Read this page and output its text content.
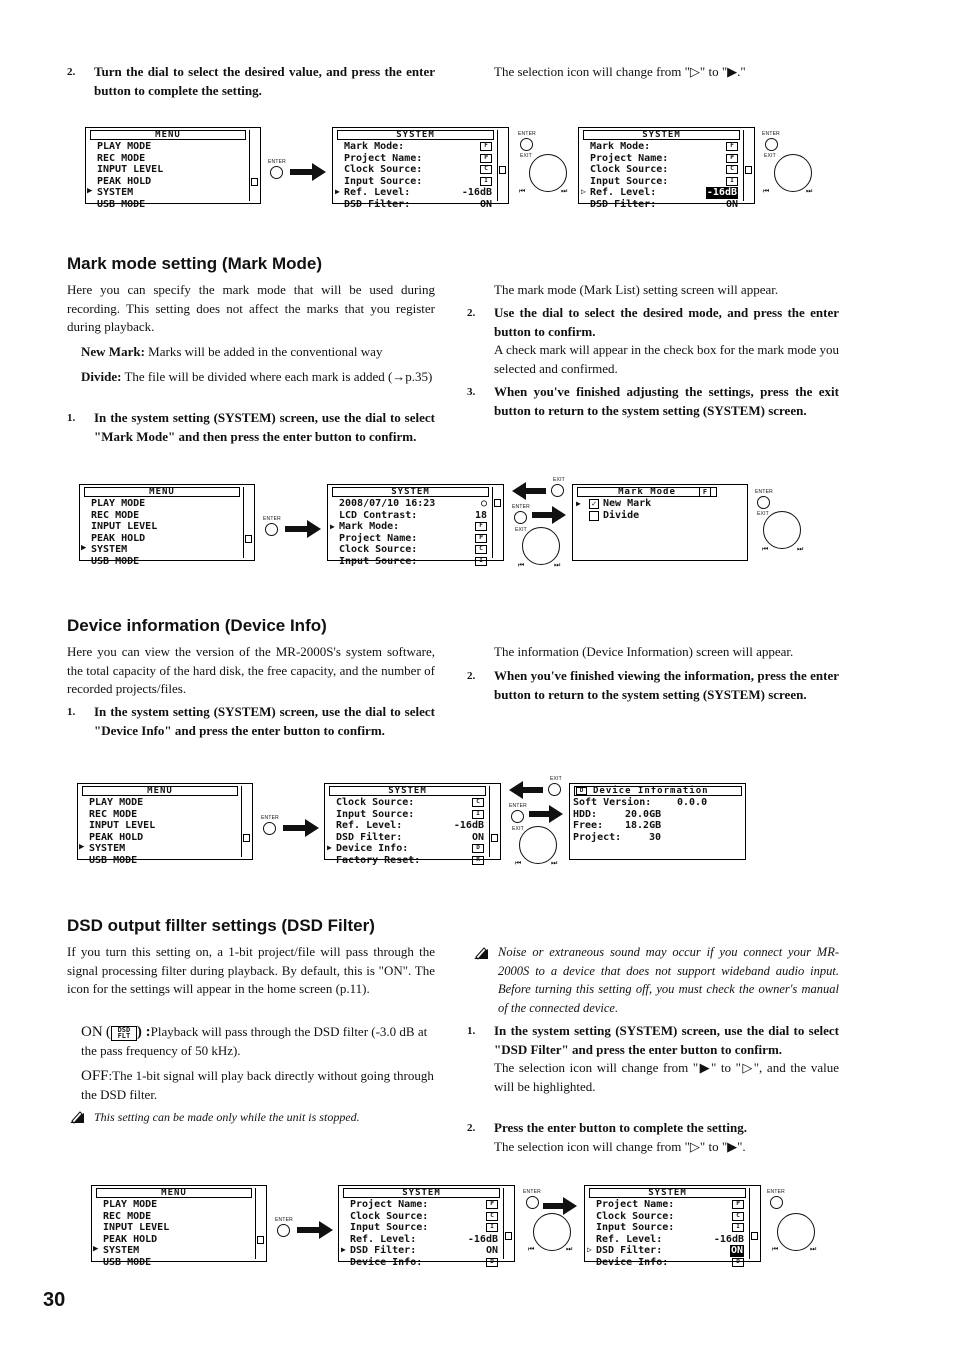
2. Turn the dial to select the desired value, and press the enter button to complete the setting.
The selection icon will change from "▷" to "▶."
MENU
PLAY MODE
REC MODE
INPUT LEVEL
PEAK HOLD
SYSTEM
USB MODE
▶
ENTER
SYSTEM
Mark Mode:	F
Project Name:	P
Clock Source:	C
Input Source:	I
Ref. Level:	-16dB
DSD Filter:	ON
▶
ENTER
EXIT
⏮	⏭
SYSTEM
Mark Mode:	F
Project Name:	P
Clock Source:	C
Input Source:	I
Ref. Level:	-16dB
DSD Filter:	ON
▷
ENTER
EXIT
⏮	⏭
Mark mode setting (Mark Mode)
Here you can specify the mark mode that will be used during recording. This setting does not affect the marks that you register during playback.
New Mark: Marks will be added in the conventional way
Divide: The file will be divided where each mark is added (→p.35)
1. In the system setting (SYSTEM) screen, use the dial to select "Mark Mode" and then press the enter button to confirm.
The mark mode (Mark List) setting screen will appear.
2. Use the dial to select the desired mode, and press the enter button to confirm.
A check mark will appear in the check box for the mark mode you selected and confirmed.
3. When you've finished adjusting the settings, press the exit button to return to the system setting (SYSTEM) screen.
MENU
PLAY MODE
REC MODE
INPUT LEVEL
PEAK HOLD
SYSTEM
USB MODE
▶
ENTER
SYSTEM
2008/07/10 16:23	○
LCD Contrast:	18
Mark Mode:	F
Project Name:	P
Clock Source:	C
Input Source:	I
▶
EXIT
ENTER
EXIT
⏮	⏭
Mark Mode	F
▶	✓ New Mark
Divide
ENTER
EXIT
⏮	⏭
Device information (Device Info)
Here you can view the version of the MR-2000S's system software, the total capacity of the hard disk, the free capacity, and the number of recorded projects/files.
1. In the system setting (SYSTEM) screen, use the dial to select "Device Info" and press the enter button to confirm.
The information (Device Information) screen will appear.
2. When you've finished viewing the information, press the enter button to return to the system setting (SYSTEM) screen.
MENU
PLAY MODE
REC MODE
INPUT LEVEL
PEAK HOLD
SYSTEM
USB MODE
▶
ENTER
SYSTEM
Clock Source:	C
Input Source:	I
Ref. Level:	-16dB
DSD Filter:	ON
Device Info:	D
Factory Reset:	R
▶
EXIT
ENTER
EXIT
⏮	⏭
Device Information
D
Soft Version:	0.0.0
HDD:	20.0GB
Free: 18.2GB
Project:	30
DSD output fillter settings (DSD Filter)
If you turn this setting on, a 1-bit project/file will pass through the signal processing filter during playback. By default, this is "ON". The icon for the settings will appear in the home screen (p.11).
ON ( DSD
FLT ) :Playback will pass through the DSD filter (-3.0 dB at the pass frequency of 50 kHz).
OFF:The 1-bit signal will play back directly without going through the DSD filter.
This setting can be made only while the unit is stopped.
Noise or extraneous sound may occur if you connect your MR-2000S to a device that does not support wideband audio input. Before turning this setting off, you must check the owner's manual of the connected device.
1. In the system setting (SYSTEM) screen, use the dial to select "DSD Filter" and press the enter button to confirm.
The selection icon will change from "▶" to "▷", and the value will be highlighted.
2. Press the enter button to complete the setting.
The selection icon will change from "▷" to "▶".
MENU
PLAY MODE
REC MODE
INPUT LEVEL
PEAK HOLD
SYSTEM
USB MODE
▶
ENTER
SYSTEM
Project Name:	P
Clock Source:	C
Input Source:	I
Ref. Level:	-16dB
DSD Filter:	ON
Device Info:	D
▶
ENTER
⏮	⏭
SYSTEM
Project Name:	P
Clock Source:	C
Input Source:	I
Ref. Level:	-16dB
DSD Filter:	ON
Device Info:	D
▷
ENTER
⏮	⏭
30
